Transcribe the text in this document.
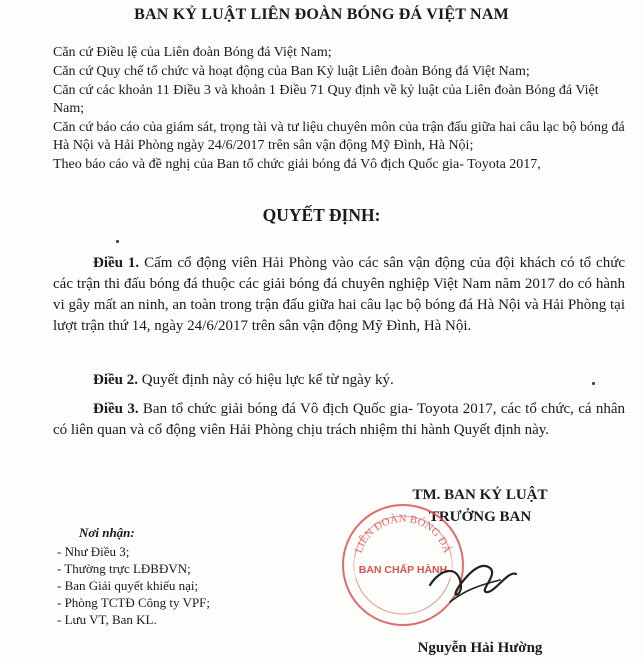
BAN KỶ LUẬT LIÊN ĐOÀN BÓNG ĐÁ VIỆT NAM

Căn cứ Điều lệ của Liên đoàn Bóng đá Việt Nam;

Căn cứ Quy chế tổ chức và hoạt động của Ban Kỷ luật Liên đoàn Bóng đá Việt Nam;

Căn cứ các khoản 11 Điều 3 và khoản 1 Điều 71 Quy định về kỷ luật của Liên đoàn Bóng đá Việt Nam;

Căn cứ báo cáo của giám sát, trọng tài và tư liệu chuyên môn của trận đấu giữa hai câu lạc bộ bóng đá Hà Nội và Hải Phòng ngày 24/6/2017 trên sân vận động Mỹ Đình, Hà Nội;

Theo báo cáo và đề nghị của Ban tổ chức giải bóng đá Vô địch Quốc gia- Toyota 2017,

QUYẾT ĐỊNH:
Điều 1. Cấm cổ động viên Hải Phòng vào các sân vận động của đội khách có tổ chức các trận thi đấu bóng đá thuộc các giải bóng đá chuyên nghiệp Việt Nam năm 2017 do có hành vi gây mất an ninh, an toàn trong trận đấu giữa hai câu lạc bộ bóng đá Hà Nội và Hải Phòng tại lượt trận thứ 14, ngày 24/6/2017 trên sân vận động Mỹ Đình, Hà Nội.
Điều 2. Quyết định này có hiệu lực kể từ ngày ký.
Điều 3. Ban tổ chức giải bóng đá Vô địch Quốc gia- Toyota 2017, các tổ chức, cá nhân có liên quan và cổ động viên Hải Phòng chịu trách nhiệm thi hành Quyết định này.
TM. BAN KỶ LUẬT
TRƯỞNG BAN
LIÊN ĐOÀN BÓNG ĐÁ
BAN CHẤP HÀNH
Nguyễn Hải Hường
Nơi nhận:
- Như Điều 3;
- Thường trực LĐBĐVN;
- Ban Giải quyết khiếu nại;
- Phòng TCTĐ Công ty VPF;
- Lưu VT, Ban KL.
